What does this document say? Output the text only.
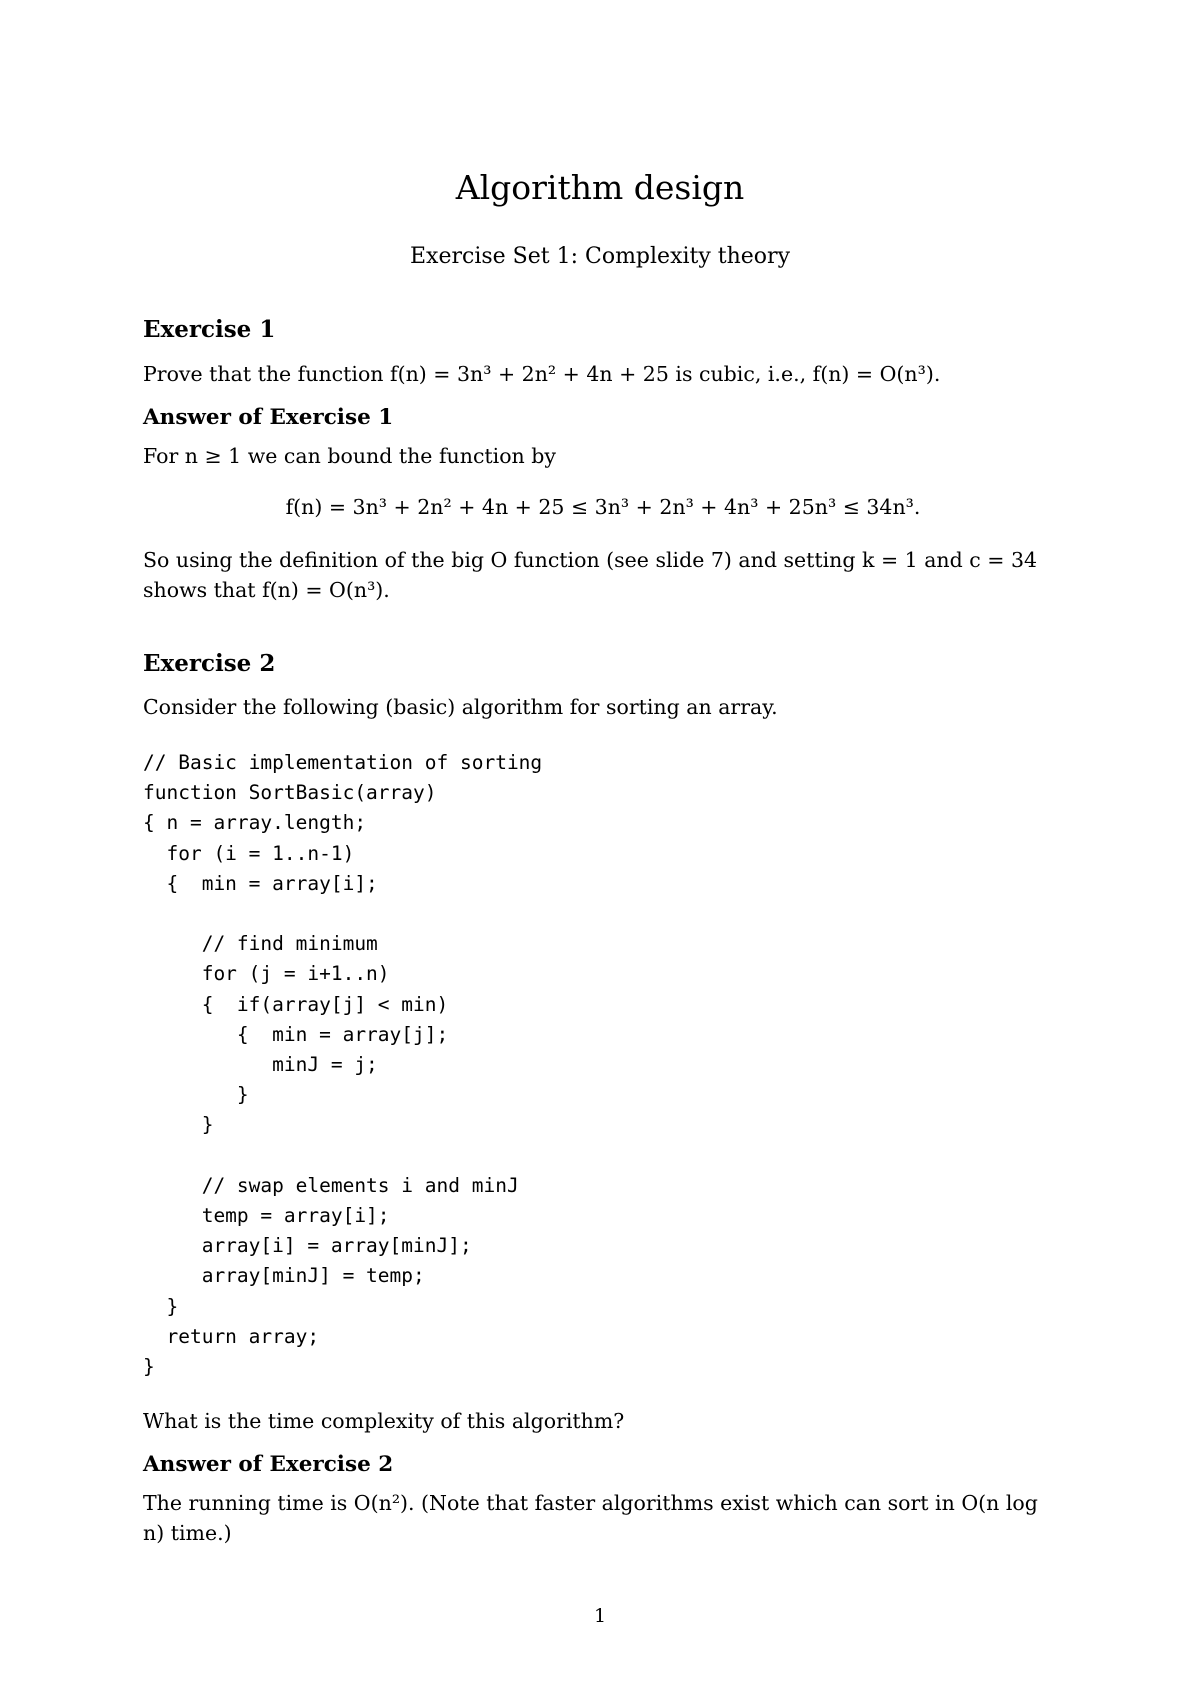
Algorithm design
Exercise Set 1: Complexity theory

Exercise 1

Prove that the function f(n) = 3n³ + 2n² + 4n + 25 is cubic, i.e., f(n) = O(n³).

Answer of Exercise 1

For n ≥ 1 we can bound the function by

f(n) = 3n³ + 2n² + 4n + 25 ≤ 3n³ + 2n³ + 4n³ + 25n³ ≤ 34n³.

So using the definition of the big O function (see slide 7) and setting k = 1 and c = 34 shows that f(n) = O(n³).

Exercise 2

Consider the following (basic) algorithm for sorting an array.

// Basic implementation of sorting
function SortBasic(array)
{ n = array.length;
for (i = 1..n-1)
{  min = array[i];

// find minimum
for (j = i+1..n)
{  if(array[j] < min)
{  min = array[j];
minJ = j;
}
}

// swap elements i and minJ
temp = array[i];
array[i] = array[minJ];
array[minJ] = temp;
}
return array;
}

What is the time complexity of this algorithm?

Answer of Exercise 2

The running time is O(n²). (Note that faster algorithms exist which can sort in O(n log n) time.)

1
